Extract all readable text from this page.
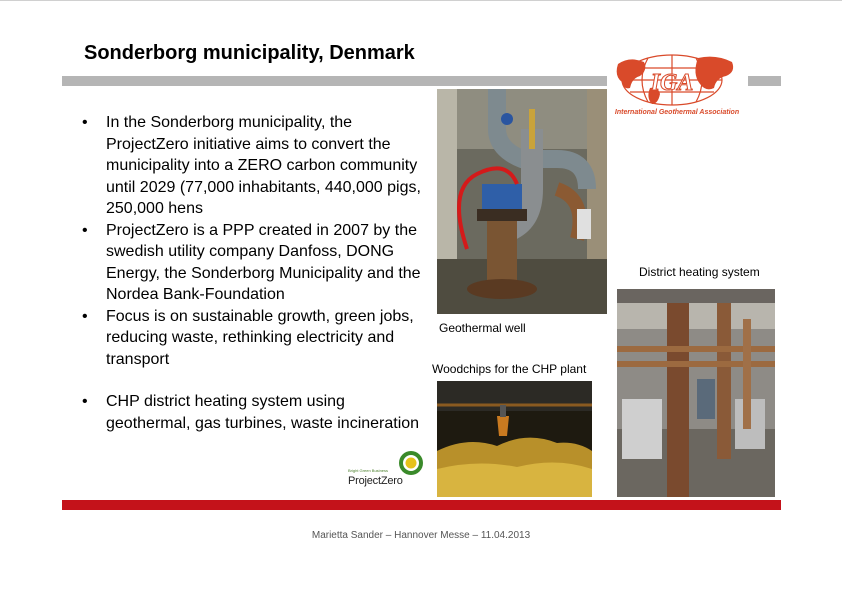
Sonderborg municipality, Denmark
IGA
International Geothermal Association
• In the Sonderborg municipality, the ProjectZero initiative aims to convert the municipality into a ZERO carbon community until 2029 (77,000 inhabitants, 440,000 pigs, 250,000 hens
• ProjectZero is a PPP created in 2007 by the swedish utility company Danfoss, DONG Energy, the Sonderborg Municipality and the Nordea Bank-Foundation
• Focus is on sustainable growth, green jobs, reducing waste, rethinking electricity and transport
• CHP district heating system using geothermal, gas turbines, waste incineration
District heating system
Geothermal well
Woodchips for the CHP plant
Bright Green Business
ProjectZero
Marietta Sander – Hannover Messe – 11.04.2013
